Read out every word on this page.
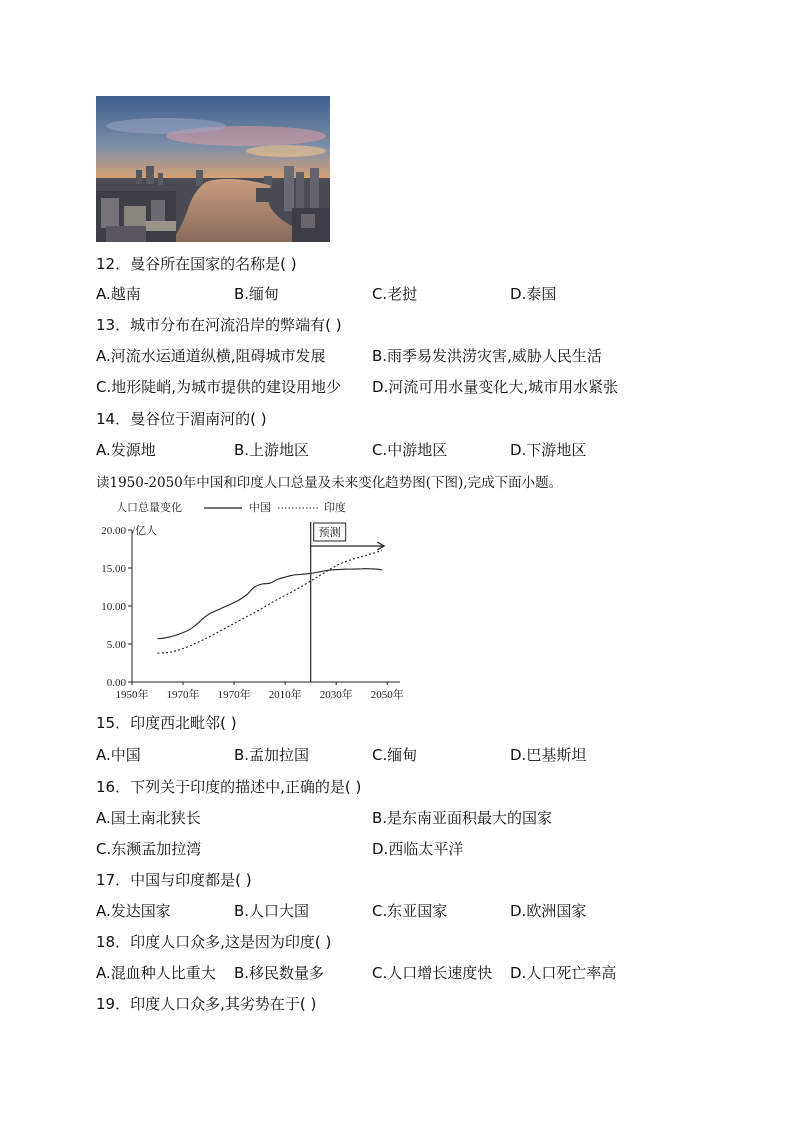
12．曼谷所在国家的名称是( )
A.越南	B.缅甸	C.老挝	D.泰国
13．城市分布在河流沿岸的弊端有( )
A.河流水运通道纵横,阻碍城市发展	B.雨季易发洪涝灾害,威胁人民生活
C.地形陡峭,为城市提供的建设用地少 D.河流可用水量变化大,城市用水紧张
14．曼谷位于湄南河的( )
A.发源地	B.上游地区	C.中游地区	D.下游地区
读1950-2050年中国和印度人口总量及未来变化趋势图(下图),完成下面小题。
人口总量变化	中国	印度
/亿人
0.00
5.00
10.00
15.00
20.00
1950年 1970年 1970年 2010年 2030年 2050年
预测
15．印度西北毗邻( )
A.中国	B.孟加拉国	C.缅甸	D.巴基斯坦
16．下列关于印度的描述中,正确的是( )
A.国土南北狭长	B.是东南亚面积最大的国家
C.东濒孟加拉湾	D.西临太平洋
17．中国与印度都是( )
A.发达国家	B.人口大国	C.东亚国家	D.欧洲国家
18．印度人口众多,这是因为印度( )
A.混血种人比重大 B.移民数量多	C.人口增长速度快 D.人口死亡率高
19．印度人口众多,其劣势在于( )
